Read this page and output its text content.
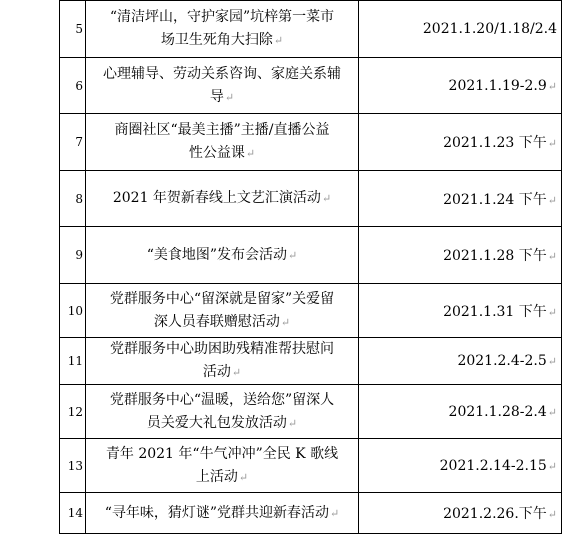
5	“清洁坪山，守护家园”坑梓第一菜市
场卫生死角大扫除↵	2021.1.20/1.18/2.4
6	心理辅导、劳动关系咨询、家庭关系辅
导↵	2021.1.19-2.9↵
7	商圈社区“最美主播”主播/直播公益
性公益课↵	2021.1.23 下午↵
8	2021 年贺新春线上文艺汇演活动↵	2021.1.24 下午↵
9	“美食地图”发布会活动↵	2021.1.28 下午↵
10	党群服务中心“留深就是留家”关爱留
深人员春联赠慰活动↵	2021.1.31 下午↵
11	党群服务中心助困助残精准帮扶慰问
活动↵	2021.2.4-2.5↵
12	党群服务中心“温暖，送给您”留深人
员关爱大礼包发放活动↵	2021.1.28-2.4↵
13	青年 2021 年“牛气冲冲”全民 K 歌线
上活动↵	2021.2.14-2.15↵
14	“寻年味，猜灯谜”党群共迎新春活动↵	2021.2.26.下午↵
